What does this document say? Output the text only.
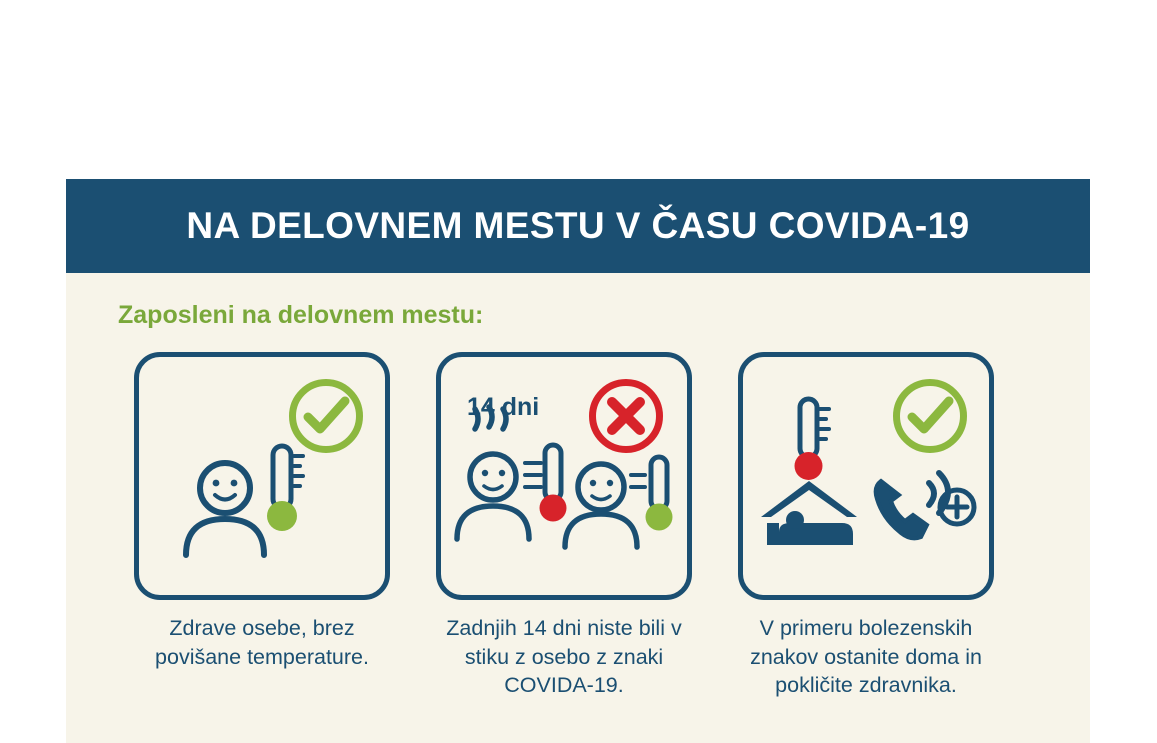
NA DELOVNEM MESTU V ČASU COVIDA-19
Zaposleni na delovnem mestu:
Zdrave osebe, brez povišane temperature.
14 dni
Zadnjih 14 dni niste bili v stiku z osebo z znaki COVIDA-19.
V primeru bolezenskih znakov ostanite doma in pokličite zdravnika.
